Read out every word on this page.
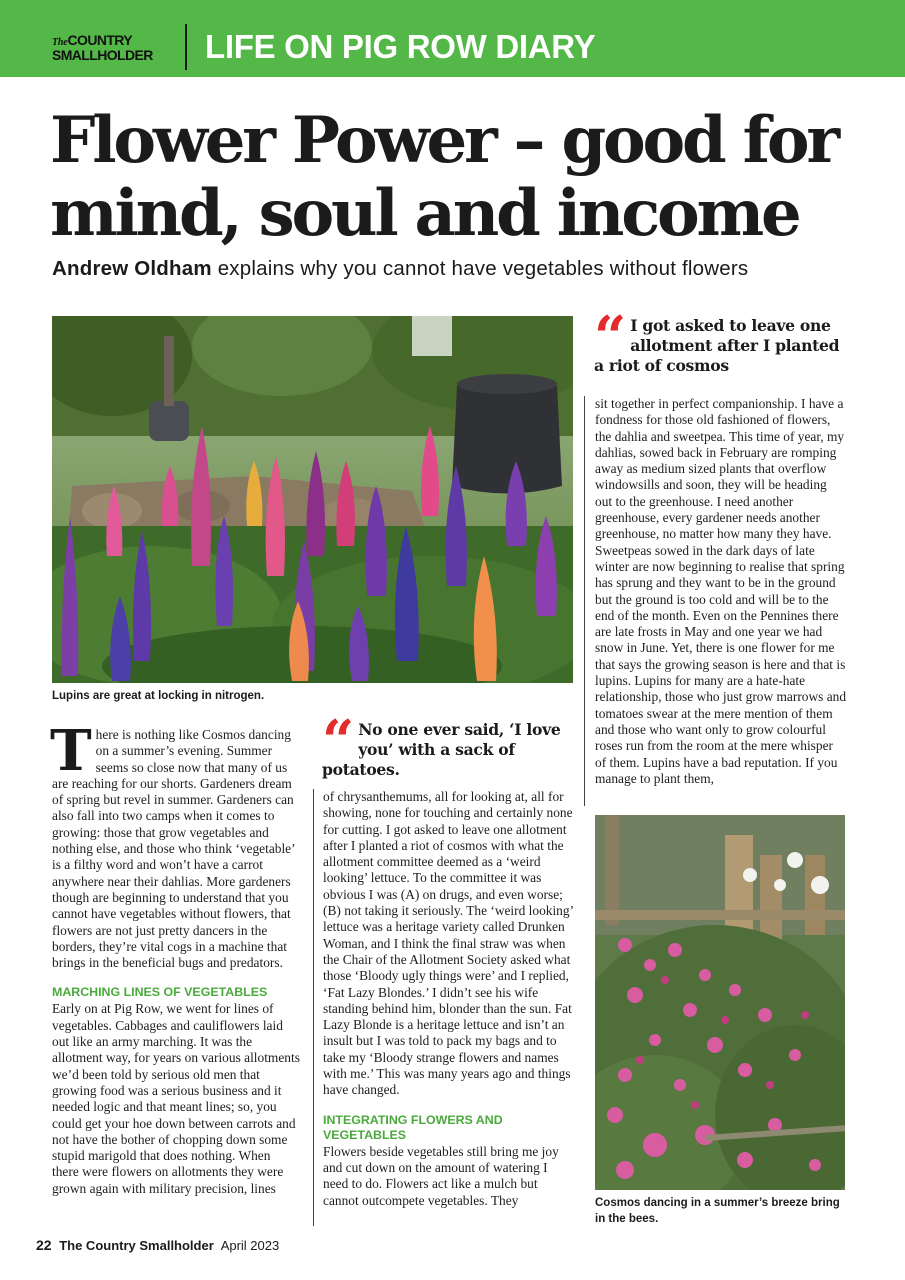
TheCOUNTRY
SMALLHOLDER	LIFE ON PIG ROW DIARY
Flower Power – good for mind, soul and income
Andrew Oldham explains why you cannot have vegetables without flowers
Lupins are great at locking in nitrogen.
“ I got asked to leave one allotment after I planted a riot of cosmos
“ No one ever said, ‘I love you’ with a sack of potatoes.

There is nothing like Cosmos dancing on a summer’s evening. Summer seems so close now that many of us are reaching for our shorts. Gardeners dream of spring but revel in summer. Gardeners can also fall into two camps when it comes to growing: those that grow vegetables and nothing else, and those who think ‘vegetable’ is a filthy word and won’t have a carrot anywhere near their dahlias. More gardeners though are beginning to understand that you cannot have vegetables without flowers, that flowers are not just pretty dancers in the borders, they’re vital cogs in a machine that brings in the beneficial bugs and predators.

MARCHING LINES OF VEGETABLES

Early on at Pig Row, we went for lines of vegetables. Cabbages and cauliflowers laid out like an army marching. It was the allotment way, for years on various allotments we’d been told by serious old men that growing food was a serious business and it needed logic and that meant lines; so, you could get your hoe down between carrots and not have the bother of chopping down some stupid marigold that does nothing. When there were flowers on allotments they were grown again with military precision, lines

of chrysanthemums, all for looking at, all for showing, none for touching and certainly none for cutting. I got asked to leave one allotment after I planted a riot of cosmos with what the allotment committee deemed as a ‘weird looking’ lettuce. To the committee it was obvious I was (A) on drugs, and even worse; (B) not taking it seriously. The ‘weird looking’ lettuce was a heritage variety called Drunken Woman, and I think the final straw was when the Chair of the Allotment Society asked what those ‘Bloody ugly things were’ and I replied, ‘Fat Lazy Blondes.’ I didn’t see his wife standing behind him, blonder than the sun. Fat Lazy Blonde is a heritage lettuce and isn’t an insult but I was told to pack my bags and to take my ‘Bloody strange flowers and names with me.’ This was many years ago and things have changed.

INTEGRATING FLOWERS AND VEGETABLES

Flowers beside vegetables still bring me joy and cut down on the amount of watering I need to do. Flowers act like a mulch but cannot outcompete vegetables. They

sit together in perfect companionship. I have a fondness for those old fashioned of flowers, the dahlia and sweetpea. This time of year, my dahlias, sowed back in February are romping away as medium sized plants that overflow windowsills and soon, they will be heading out to the greenhouse. I need another greenhouse, every gardener needs another greenhouse, no matter how many they have. Sweetpeas sowed in the dark days of late winter are now beginning to realise that spring has sprung and they want to be in the ground but the ground is too cold and will be to the end of the month. Even on the Pennines there are late frosts in May and one year we had snow in June. Yet, there is one flower for me that says the growing season is here and that is lupins. Lupins for many are a hate-hate relationship, those who just grow marrows and tomatoes swear at the mere mention of them and those who want only to grow colourful roses run from the room at the mere whisper of them. Lupins have a bad reputation. If you manage to plant them,

Cosmos dancing in a summer’s breeze bring in the bees.
22 The Country Smallholder April 2023
